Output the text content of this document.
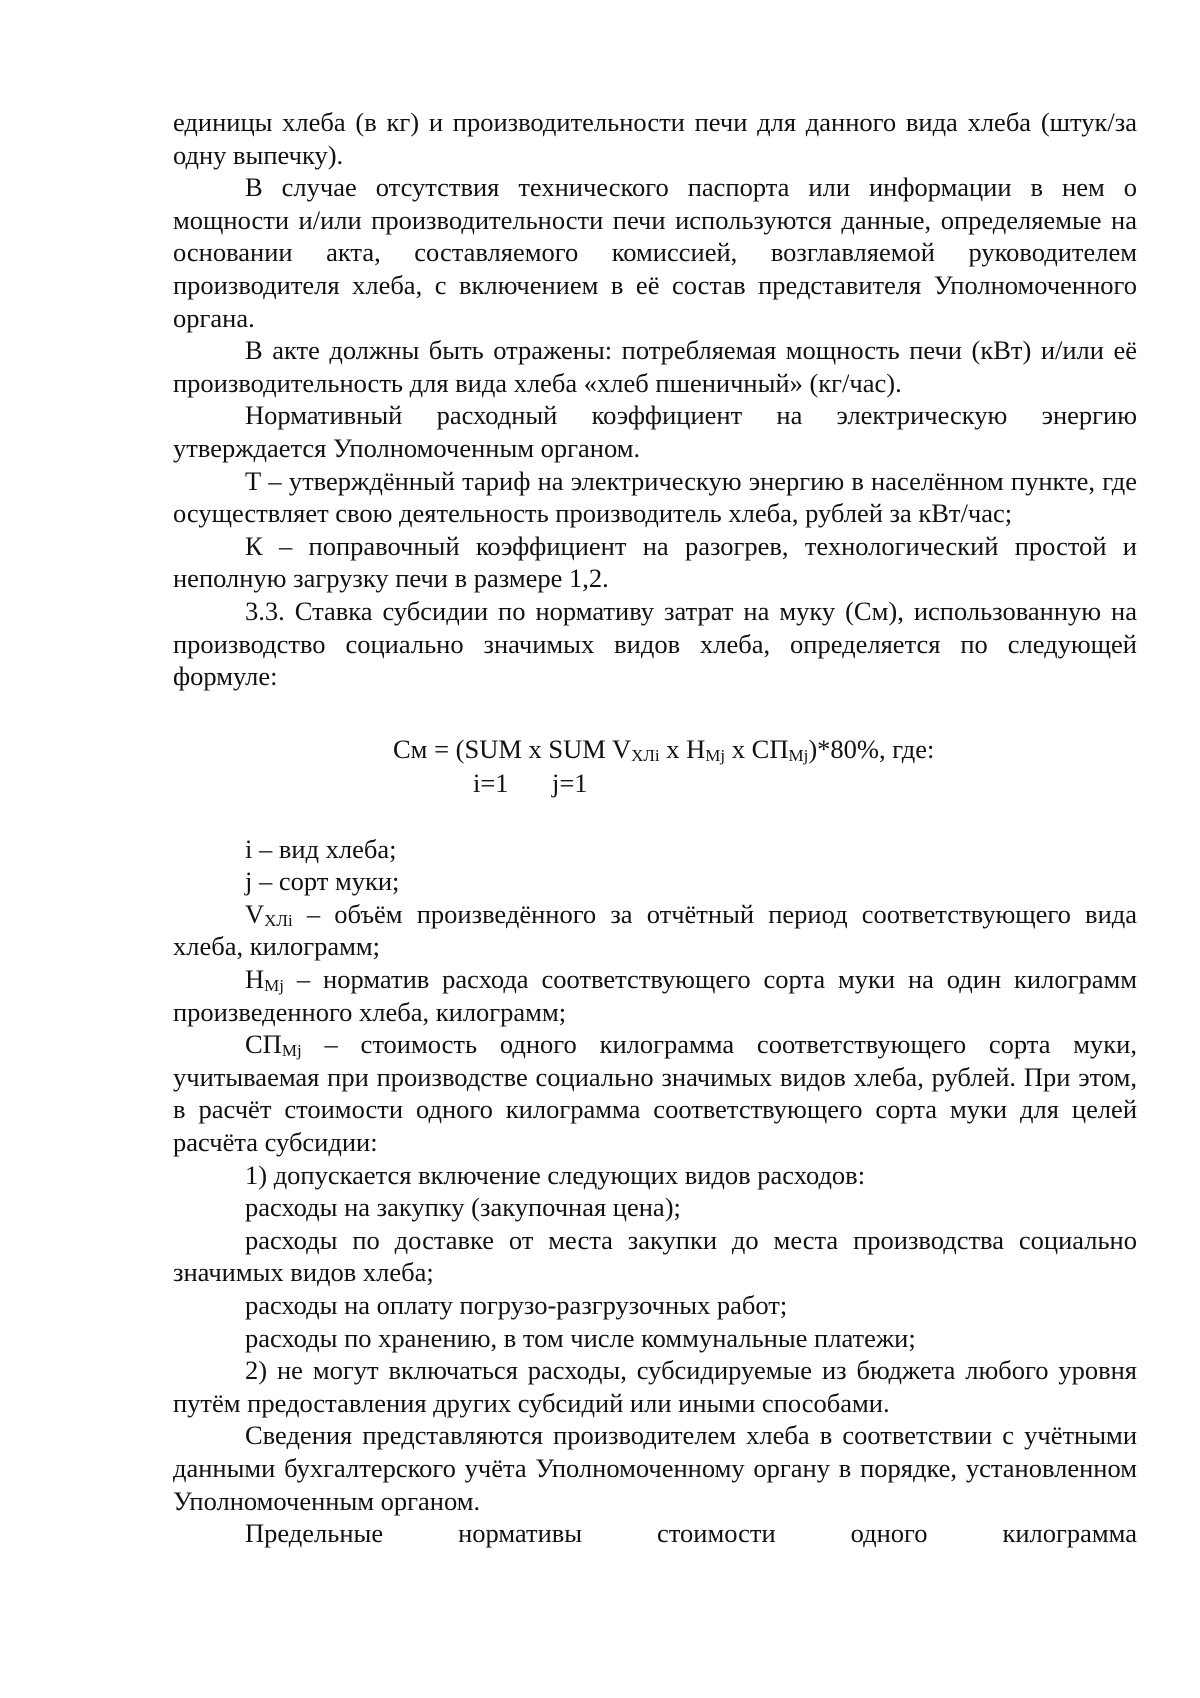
единицы хлеба (в кг) и производительности печи для данного вида хлеба (штук/за одну выпечку).

В случае отсутствия технического паспорта или информации в нем о мощности и/или производительности печи используются данные, определяемые на основании акта, составляемого комиссией, возглавляемой руководителем производителя хлеба, с включением в её состав представителя Уполномоченного органа.

В акте должны быть отражены: потребляемая мощность печи (кВт) и/или её производительность для вида хлеба «хлеб пшеничный» (кг/час).

Нормативный расходный коэффициент на электрическую энергию утверждается Уполномоченным органом.

Т – утверждённый тариф на электрическую энергию в населённом пункте, где осуществляет свою деятельность производитель хлеба, рублей за кВт/час;

К – поправочный коэффициент на разогрев, технологический простой и неполную загрузку печи в размере 1,2.

3.3. Ставка субсидии по нормативу затрат на муку (См), использованную на производство социально значимых видов хлеба, определяется по следующей формуле:

См = (SUM x SUM $V_{ХЛi}$ x $Н_{Мj}$ x $СП_{Мj})*80\%$, где:
i=1 j=1

i – вид хлеба;

j – сорт муки;

$V_{ХЛi}$ – объём произведённого за отчётный период соответствующего вида хлеба, килограмм;

$Н_{Мj}$ – норматив расхода соответствующего сорта муки на один килограмм произведенного хлеба, килограмм;

$СП_{Мj}$ – стоимость одного килограмма соответствующего сорта муки, учитываемая при производстве социально значимых видов хлеба, рублей. При этом, в расчёт стоимости одного килограмма соответствующего сорта муки для целей расчёта субсидии:

1) допускается включение следующих видов расходов:

расходы на закупку (закупочная цена);

расходы по доставке от места закупки до места производства социально значимых видов хлеба;

расходы на оплату погрузо-разгрузочных работ;

расходы по хранению, в том числе коммунальные платежи;

2) не могут включаться расходы, субсидируемые из бюджета любого уровня путём предоставления других субсидий или иными способами.

Сведения представляются производителем хлеба в соответствии с учётными данными бухгалтерского учёта Уполномоченному органу в порядке, установленном Уполномоченным органом.

Предельные нормативы стоимости одного килограмма
